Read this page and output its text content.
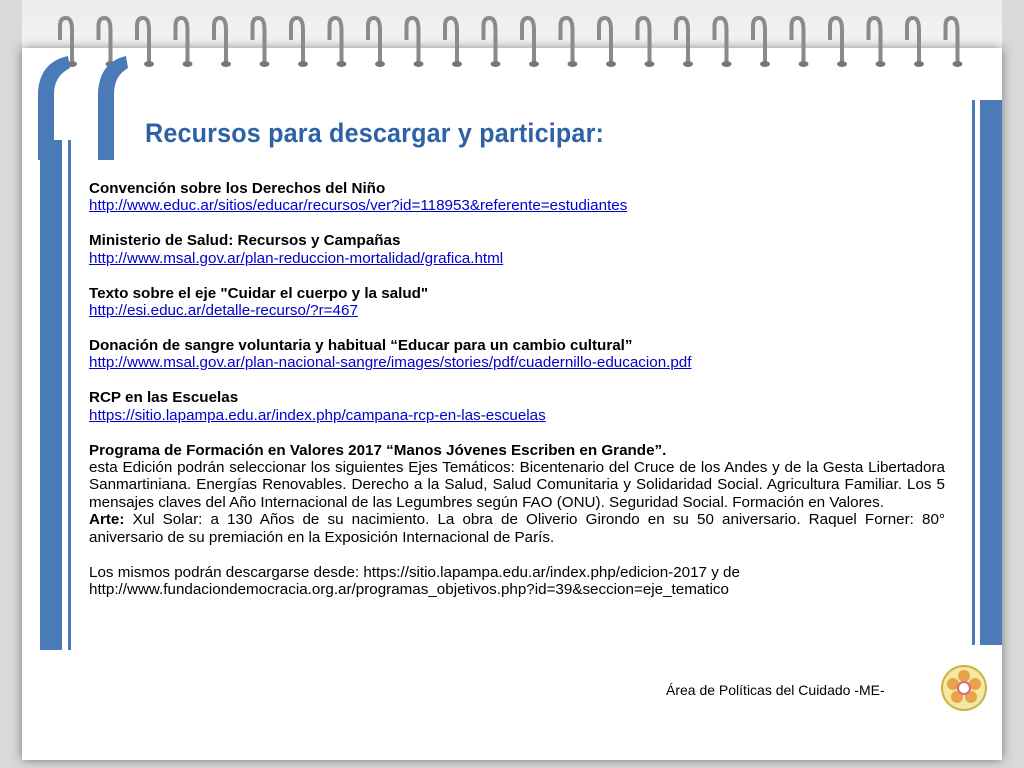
Recursos para descargar y participar:

Convención sobre los Derechos del Niño

http://www.educ.ar/sitios/educar/recursos/ver?id=118953&referente=estudiantes

Ministerio de Salud: Recursos y Campañas

http://www.msal.gov.ar/plan-reduccion-mortalidad/grafica.html

Texto sobre el eje "Cuidar el cuerpo y la salud"

http://esi.educ.ar/detalle-recurso/?r=467

Donación de sangre voluntaria y habitual “Educar para un cambio cultural”

http://www.msal.gov.ar/plan-nacional-sangre/images/stories/pdf/cuadernillo-educacion.pdf

RCP en las Escuelas

https://sitio.lapampa.edu.ar/index.php/campana-rcp-en-las-escuelas

Programa de Formación en Valores 2017 “Manos Jóvenes Escriben en Grande”.

esta Edición podrán seleccionar los siguientes Ejes Temáticos: Bicentenario del Cruce de los Andes y de la Gesta Libertadora Sanmartiniana. Energías Renovables. Derecho a la Salud, Salud Comunitaria y Solidaridad Social. Agricultura Familiar. Los 5 mensajes claves del Año Internacional de las Legumbres según FAO (ONU). Seguridad Social. Formación en Valores.

Arte: Xul Solar: a 130 Años de su nacimiento. La obra de Oliverio Girondo en su 50 aniversario. Raquel Forner: 80° aniversario de su premiación en la Exposición Internacional de París.

Los mismos podrán descargarse desde: https://sitio.lapampa.edu.ar/index.php/edicion-2017 y de

http://www.fundaciondemocracia.org.ar/programas_objetivos.php?id=39&seccion=eje_tematico

Área de Políticas del Cuidado -ME-
